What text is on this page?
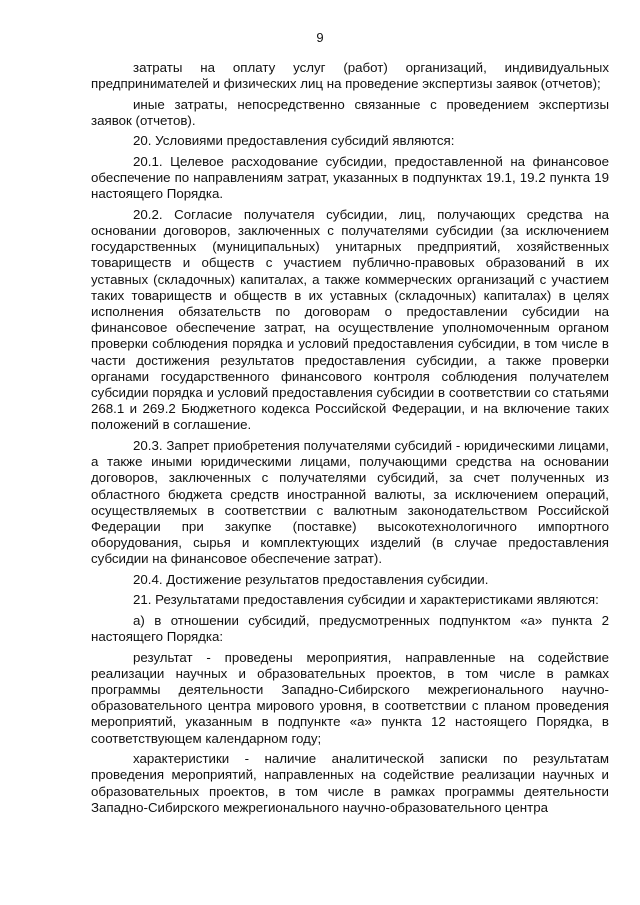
9

затраты на оплату услуг (работ) организаций, индивидуальных предпринимателей и физических лиц на проведение экспертизы заявок (отчетов);

иные затраты, непосредственно связанные с проведением экспертизы заявок (отчетов).

20. Условиями предоставления субсидий являются:

20.1. Целевое расходование субсидии, предоставленной на финансовое обеспечение по направлениям затрат, указанных в подпунктах 19.1, 19.2 пункта 19 настоящего Порядка.

20.2. Согласие получателя субсидии, лиц, получающих средства на основании договоров, заключенных с получателями субсидии (за исключением государственных (муниципальных) унитарных предприятий, хозяйственных товариществ и обществ с участием публично-правовых образований в их уставных (складочных) капиталах, а также коммерческих организаций с участием таких товариществ и обществ в их уставных (складочных) капиталах) в целях исполнения обязательств по договорам о предоставлении субсидии на финансовое обеспечение затрат, на осуществление уполномоченным органом проверки соблюдения порядка и условий предоставления субсидии, в том числе в части достижения результатов предоставления субсидии, а также проверки органами государственного финансового контроля соблюдения получателем субсидии порядка и условий предоставления субсидии в соответствии со статьями 268.1 и 269.2 Бюджетного кодекса Российской Федерации, и на включение таких положений в соглашение.

20.3. Запрет приобретения получателями субсидий - юридическими лицами, а также иными юридическими лицами, получающими средства на основании договоров, заключенных с получателями субсидий, за счет полученных из областного бюджета средств иностранной валюты, за исключением операций, осуществляемых в соответствии с валютным законодательством Российской Федерации при закупке (поставке) высокотехнологичного импортного оборудования, сырья и комплектующих изделий (в случае предоставления субсидии на финансовое обеспечение затрат).

20.4. Достижение результатов предоставления субсидии.

21. Результатами предоставления субсидии и характеристиками являются:

а) в отношении субсидий, предусмотренных подпунктом «а» пункта 2 настоящего Порядка:

результат - проведены мероприятия, направленные на содействие реализации научных и образовательных проектов, в том числе в рамках программы деятельности Западно-Сибирского межрегионального научно-образовательного центра мирового уровня, в соответствии с планом проведения мероприятий, указанным в подпункте «а» пункта 12 настоящего Порядка, в соответствующем календарном году;

характеристики - наличие аналитической записки по результатам проведения мероприятий, направленных на содействие реализации научных и образовательных проектов, в том числе в рамках программы деятельности Западно-Сибирского межрегионального научно-образовательного центра
